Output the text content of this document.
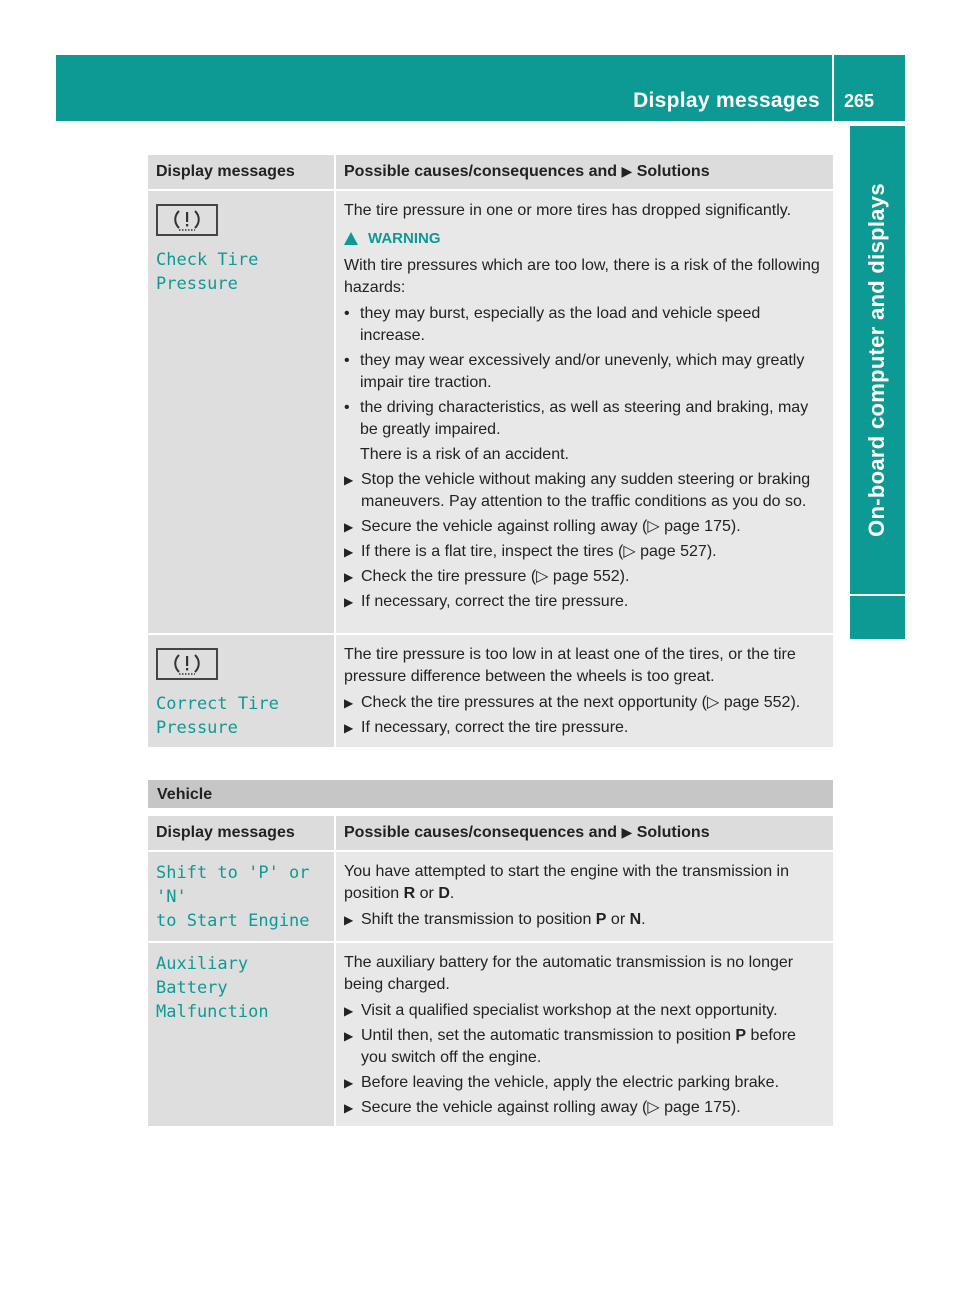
Display messages 265
On-board computer and displays
Display messages	Possible causes/consequences and ▶ Solutions
Check Tire Pressure
The tire pressure in one or more tires has dropped significantly.
WARNING
With tire pressures which are too low, there is a risk of the following hazards:
• they may burst, especially as the load and vehicle speed increase.
• they may wear excessively and/or unevenly, which may greatly impair tire traction.
• the driving characteristics, as well as steering and braking, may be greatly impaired.
There is a risk of an accident.
▶ Stop the vehicle without making any sudden steering or braking maneuvers. Pay attention to the traffic conditions as you do so.
▶ Secure the vehicle against rolling away (▷ page 175).
▶ If there is a flat tire, inspect the tires (▷ page 527).
▶ Check the tire pressure (▷ page 552).
▶ If necessary, correct the tire pressure.
Correct Tire
Pressure
The tire pressure is too low in at least one of the tires, or the tire pressure difference between the wheels is too great.
▶ Check the tire pressures at the next opportunity (▷ page 552).
▶ If necessary, correct the tire pressure.
Vehicle
Display messages	Possible causes/consequences and ▶ Solutions
Shift to 'P' or 'N'
to Start Engine
You have attempted to start the engine with the transmission in position R or D.
▶ Shift the transmission to position P or N.
Auxiliary Battery
Malfunction
The auxiliary battery for the automatic transmission is no longer being charged.
▶ Visit a qualified specialist workshop at the next opportunity.
▶ Until then, set the automatic transmission to position P before you switch off the engine.
▶ Before leaving the vehicle, apply the electric parking brake.
▶ Secure the vehicle against rolling away (▷ page 175).
